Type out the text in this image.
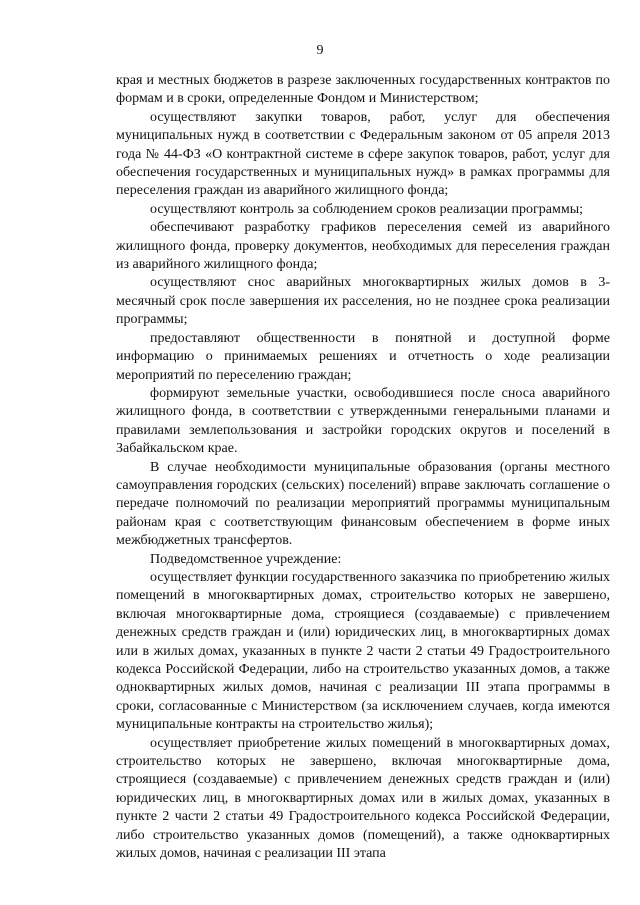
9

края и местных бюджетов в разрезе заключенных государственных контрактов по формам и в сроки, определенные Фондом и Министерством;

осуществляют закупки товаров, работ, услуг для обеспечения муниципальных нужд в соответствии с Федеральным законом от 05 апреля 2013 года № 44-ФЗ «О контрактной системе в сфере закупок товаров, работ, услуг для обеспечения государственных и муниципальных нужд» в рамках программы для переселения граждан из аварийного жилищного фонда;

осуществляют контроль за соблюдением сроков реализации программы;

обеспечивают разработку графиков переселения семей из аварийного жилищного фонда, проверку документов, необходимых для переселения граждан из аварийного жилищного фонда;

осуществляют снос аварийных многоквартирных жилых домов в 3-месячный срок после завершения их расселения, но не позднее срока реализации программы;

предоставляют общественности в понятной и доступной форме информацию о принимаемых решениях и отчетность о ходе реализации мероприятий по переселению граждан;

формируют земельные участки, освободившиеся после сноса аварийного жилищного фонда, в соответствии с утвержденными генеральными планами и правилами землепользования и застройки городских округов и поселений в Забайкальском крае.

В случае необходимости муниципальные образования (органы местного самоуправления городских (сельских) поселений) вправе заключать соглашение о передаче полномочий по реализации мероприятий программы муниципальным районам края с соответствующим финансовым обеспечением в форме иных межбюджетных трансфертов.

Подведомственное учреждение:

осуществляет функции государственного заказчика по приобретению жилых помещений в многоквартирных домах, строительство которых не завершено, включая многоквартирные дома, строящиеся (создаваемые) с привлечением денежных средств граждан и (или) юридических лиц, в многоквартирных домах или в жилых домах, указанных в пункте 2 части 2 статьи 49 Градостроительного кодекса Российской Федерации, либо на строительство указанных домов, а также одноквартирных жилых домов, начиная с реализации III этапа программы в сроки, согласованные с Министерством (за исключением случаев, когда имеются муниципальные контракты на строительство жилья);

осуществляет приобретение жилых помещений в многоквартирных домах, строительство которых не завершено, включая многоквартирные дома, строящиеся (создаваемые) с привлечением денежных средств граждан и (или) юридических лиц, в многоквартирных домах или в жилых домах, указанных в пункте 2 части 2 статьи 49 Градостроительного кодекса Российской Федерации, либо строительство указанных домов (помещений), а также одноквартирных жилых домов, начиная с реализации III этапа
